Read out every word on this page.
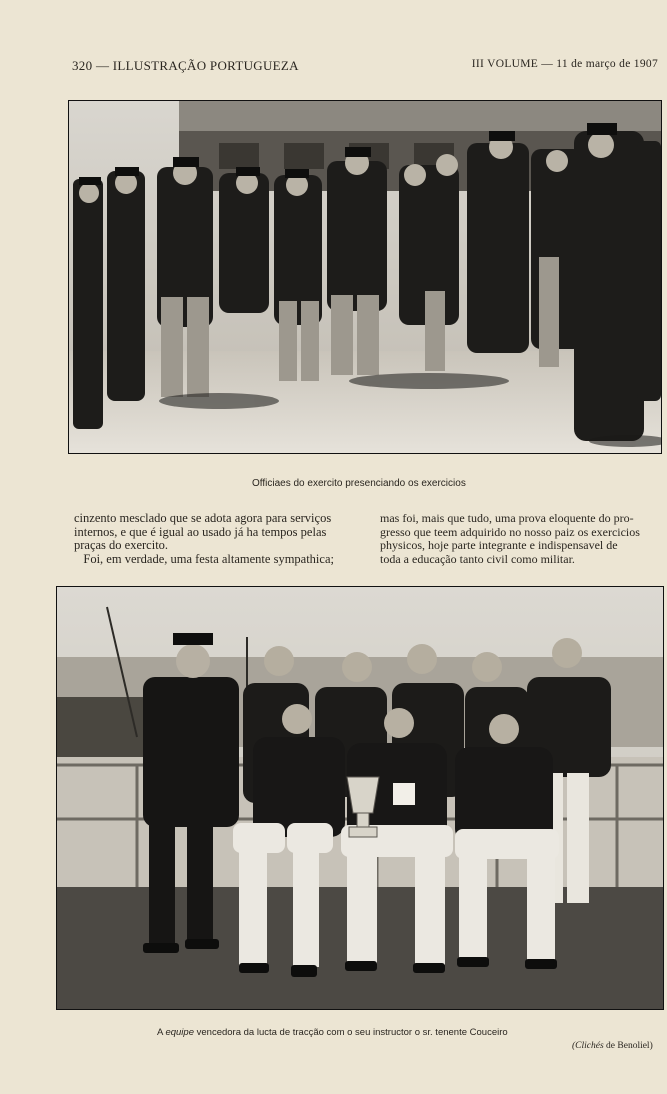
320 — ILLUSTRAÇÃO PORTUGUEZA	III VOLUME — 11 de março de 1907
Officiaes do exercito presenciando os exercicios

cinzento mesclado que se adota agora para serviços

internos, e que é igual ao usado já ha tempos pelas

praças do exercito.

Foi, em verdade, uma festa altamente sympathica;

mas foi, mais que tudo, uma prova eloquente do pro-

gresso que teem adquirido no nosso paiz os exercicios

physicos, hoje parte integrante e indispensavel de

toda a educação tanto civil como militar.

A equipe vencedora da lucta de tracção com o seu instructor o sr. tenente Couceiro
(Clichés de Benoliel)
